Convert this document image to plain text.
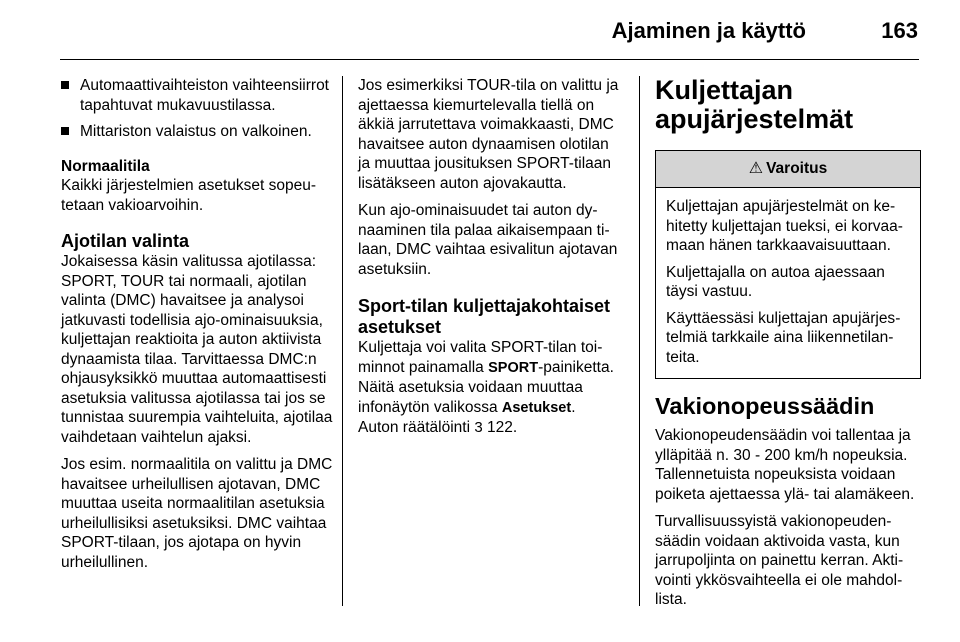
Ajaminen ja käyttö	163
Automaattivaihteiston vaihteensiirrot tapahtuvat mukavuustilassa.
Mittariston valaistus on valkoinen.
Normaalitila

Kaikki järjestelmien asetukset sopeutetaan vakioarvoihin.

Ajotilan valinta

Jokaisessa käsin valitussa ajotilassa: SPORT, TOUR tai normaali, ajotilan valinta (DMC) havaitsee ja analysoi jatkuvasti todellisia ajo-ominaisuuksia, kuljettajan reaktioita ja auton aktiivista dynaamista tilaa. Tarvittaessa DMC:n ohjausyksikkö muuttaa automaattisesti asetuksia valitussa ajotilassa tai jos se tunnistaa suurempia vaihteluita, ajotilaa vaihdetaan vaihtelun ajaksi.

Jos esim. normaalitila on valittu ja DMC havaitsee urheilullisen ajotavan, DMC muuttaa useita normaalitilan asetuksia urheilullisiksi asetuksiksi. DMC vaihtaa SPORT-tilaan, jos ajotapa on hyvin urheilullinen.

Jos esimerkiksi TOUR-tila on valittu ja ajettaessa kiemurtelevalla tiellä on äkkiä jarrutettava voimakkaasti, DMC havaitsee auton dynaamisen olotilan ja muuttaa jousituksen SPORT-tilaan lisätäkseen auton ajovakautta.

Kun ajo-ominaisuudet tai auton dynaaminen tila palaa aikaisempaan tilaan, DMC vaihtaa esivalitun ajotavan asetuksiin.

Sport-tilan kuljettajakohtaiset asetukset
Kuljettaja voi valita SPORT-tilan toiminnot painamalla SPORT-painiketta. Näitä asetuksia voidaan muuttaa infonäytön valikossa Asetukset.
Auton räätälöinti 3 122.
Kuljettajan apujärjestelmät
⚠ Varoitus

Kuljettajan apujärjestelmät on kehitetty kuljettajan tueksi, ei korvaamaan hänen tarkkaavaisuuttaan.

Kuljettajalla on autoa ajaessaan täysi vastuu.

Käyttäessäsi kuljettajan apujärjestelmiä tarkkaile aina liikennetilanteita.

Vakionopeussäädin

Vakionopeudensäädin voi tallentaa ja ylläpitää n. 30 - 200 km/h nopeuksia. Tallennetuista nopeuksista voidaan poiketa ajettaessa ylä- tai alamäkeen.

Turvallisuussyistä vakionopeudensäädin voidaan aktivoida vasta, kun jarrupoljinta on painettu kerran. Aktivointi ykkösvaihteella ei ole mahdollista.
